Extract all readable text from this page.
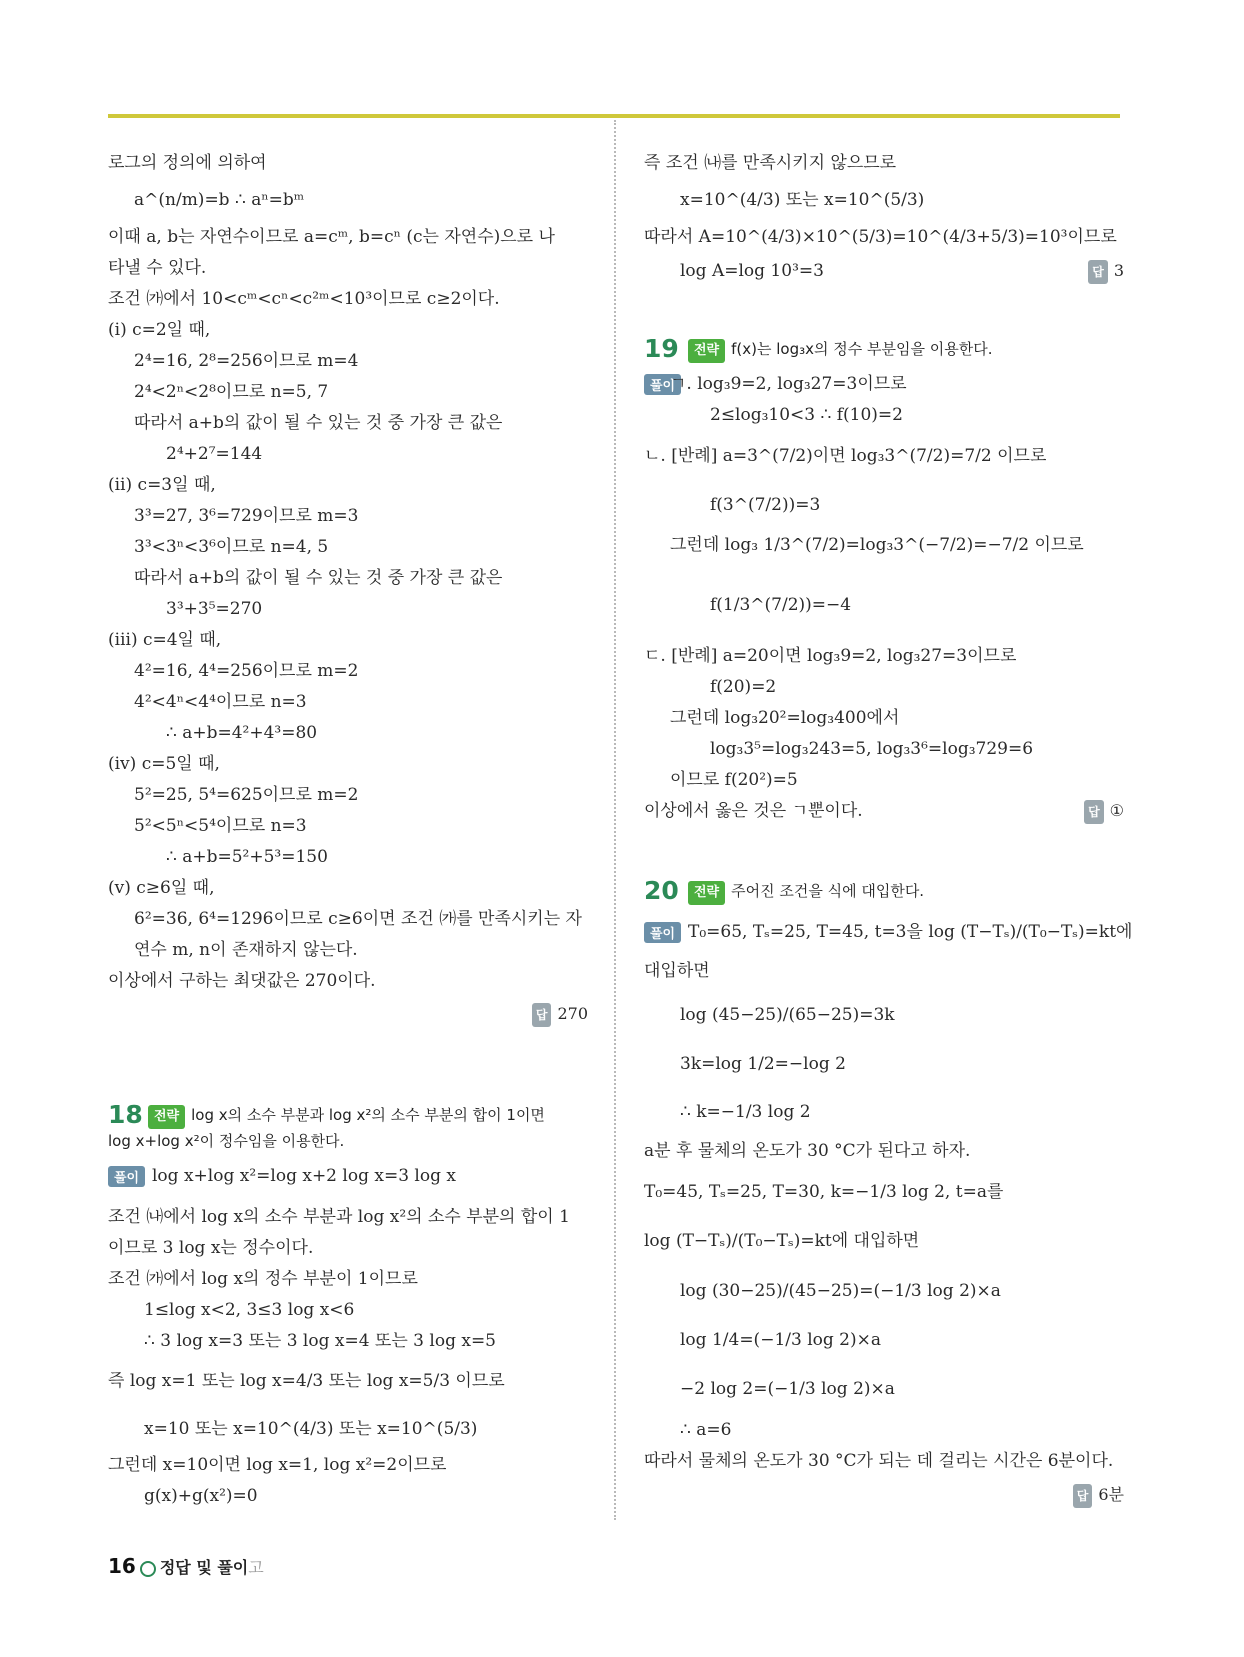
로그의 정의에 의하여
a^(n/m)=b ∴ aⁿ=bᵐ
이때 a, b는 자연수이므로 a=cᵐ, b=cⁿ (c는 자연수)으로 나
타낼 수 있다.
조건 ㈎에서 10<cᵐ<cⁿ<c²ᵐ<10³이므로 c≥2이다.
(ⅰ) c=2일 때,
2⁴=16, 2⁸=256이므로 m=4
2⁴<2ⁿ<2⁸이므로 n=5, 7
따라서 a+b의 값이 될 수 있는 것 중 가장 큰 값은
2⁴+2⁷=144
(ⅱ) c=3일 때,
3³=27, 3⁶=729이므로 m=3
3³<3ⁿ<3⁶이므로 n=4, 5
따라서 a+b의 값이 될 수 있는 것 중 가장 큰 값은
3³+3⁵=270
(ⅲ) c=4일 때,
4²=16, 4⁴=256이므로 m=2
4²<4ⁿ<4⁴이므로 n=3
∴ a+b=4²+4³=80
(ⅳ) c=5일 때,
5²=25, 5⁴=625이므로 m=2
5²<5ⁿ<5⁴이므로 n=3
∴ a+b=5²+5³=150
(ⅴ) c≥6일 때,
6²=36, 6⁴=1296이므로 c≥6이면 조건 ㈎를 만족시키는 자
연수 m, n이 존재하지 않는다.
이상에서 구하는 최댓값은 270이다.
답 270
18 전략 log x의 소수 부분과 log x²의 소수 부분의 합이 1이면
log x+log x²이 정수임을 이용한다.
풀이 log x+log x²=log x+2 log x=3 log x
조건 ㈏에서 log x의 소수 부분과 log x²의 소수 부분의 합이 1
이므로 3 log x는 정수이다.
조건 ㈎에서 log x의 정수 부분이 1이므로
1≤log x<2, 3≤3 log x<6
∴ 3 log x=3 또는 3 log x=4 또는 3 log x=5
즉 log x=1 또는 log x=4/3 또는 log x=5/3 이므로
x=10 또는 x=10^(4/3) 또는 x=10^(5/3)
그런데 x=10이면 log x=1, log x²=2이므로
g(x)+g(x²)=0
즉 조건 ㈏를 만족시키지 않으므로
x=10^(4/3) 또는 x=10^(5/3)
따라서 A=10^(4/3)×10^(5/3)=10^(4/3+5/3)=10³이므로
log A=log 10³=3	답 3
19	전략 f(x)는 log₃x의 정수 부분임을 이용한다.
풀이
ㄱ. log₃9=2, log₃27=3이므로
2≤log₃10<3 ∴ f(10)=2
ㄴ. [반례] a=3^(7/2)이면 log₃3^(7/2)=7/2 이므로
f(3^(7/2))=3
그런데 log₃ 1/3^(7/2)=log₃3^(−7/2)=−7/2 이므로
f(1/3^(7/2))=−4
ㄷ. [반례] a=20이면 log₃9=2, log₃27=3이므로
f(20)=2
그런데 log₃20²=log₃400에서
log₃3⁵=log₃243=5, log₃3⁶=log₃729=6
이므로 f(20²)=5
이상에서 옳은 것은 ㄱ뿐이다.	답 ①
20	전략 주어진 조건을 식에 대입한다.
풀이 T₀=65, Tₛ=25, T=45, t=3을 log (T−Tₛ)/(T₀−Tₛ)=kt에
대입하면
log (45−25)/(65−25)=3k
3k=log 1/2=−log 2
∴ k=−1/3 log 2
a분 후 물체의 온도가 30 °C가 된다고 하자.
T₀=45, Tₛ=25, T=30, k=−1/3 log 2, t=a를
log (T−Tₛ)/(T₀−Tₛ)=kt에 대입하면
log (30−25)/(45−25)=(−1/3 log 2)×a
log 1/4=(−1/3 log 2)×a
−2 log 2=(−1/3 log 2)×a
∴ a=6
따라서 물체의 온도가 30 °C가 되는 데 걸리는 시간은 6분이다.
답 6분
16 정답 및 풀이고
